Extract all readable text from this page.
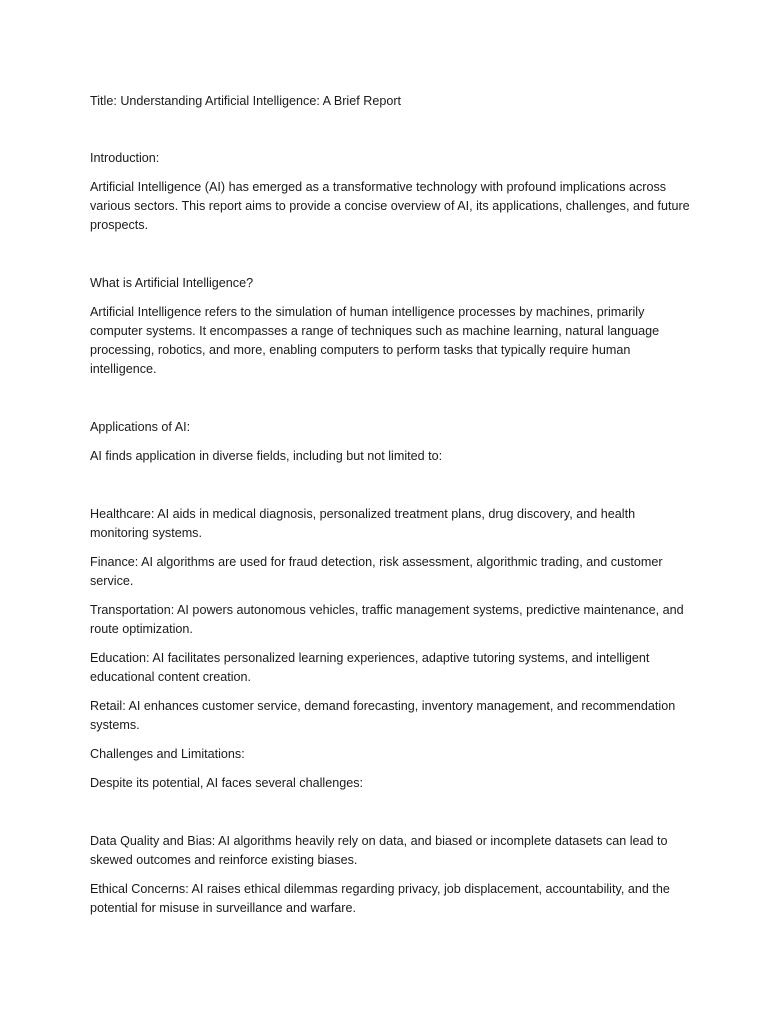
Title: Understanding Artificial Intelligence: A Brief Report

Introduction:

Artificial Intelligence (AI) has emerged as a transformative technology with profound implications across various sectors. This report aims to provide a concise overview of AI, its applications, challenges, and future prospects.

What is Artificial Intelligence?

Artificial Intelligence refers to the simulation of human intelligence processes by machines, primarily computer systems. It encompasses a range of techniques such as machine learning, natural language processing, robotics, and more, enabling computers to perform tasks that typically require human intelligence.

Applications of AI:

AI finds application in diverse fields, including but not limited to:

Healthcare: AI aids in medical diagnosis, personalized treatment plans, drug discovery, and health monitoring systems.

Finance: AI algorithms are used for fraud detection, risk assessment, algorithmic trading, and customer service.

Transportation: AI powers autonomous vehicles, traffic management systems, predictive maintenance, and route optimization.

Education: AI facilitates personalized learning experiences, adaptive tutoring systems, and intelligent educational content creation.

Retail: AI enhances customer service, demand forecasting, inventory management, and recommendation systems.

Challenges and Limitations:

Despite its potential, AI faces several challenges:

Data Quality and Bias: AI algorithms heavily rely on data, and biased or incomplete datasets can lead to skewed outcomes and reinforce existing biases.

Ethical Concerns: AI raises ethical dilemmas regarding privacy, job displacement, accountability, and the potential for misuse in surveillance and warfare.
